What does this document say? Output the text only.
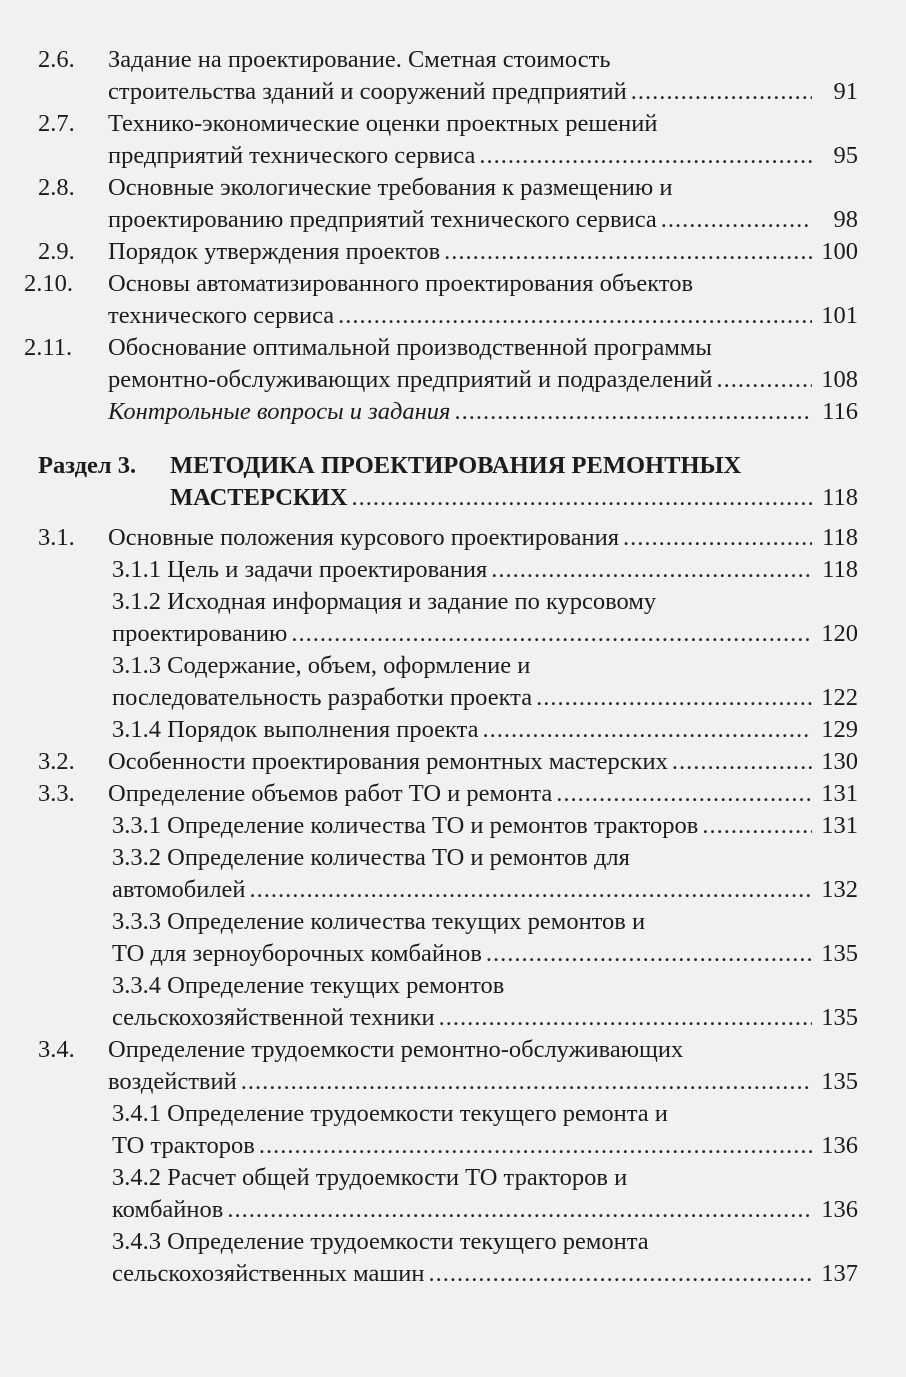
2.6. Задание на проектирование. Сметная стоимость
строительства зданий и сооружений предприятий .....	91
2.7. Технико-экономические оценки проектных решений
предприятий технического сервиса .....	95
2.8. Основные экологические требования к размещению и
проектированию предприятий технического сервиса .....	98
2.9. Порядок утверждения проектов .....	100
2.10. Основы автоматизированного проектирования объектов
технического сервиса .....	101
2.11. Обоснование оптимальной производственной программы
ремонтно-обслуживающих предприятий и подразделений .....	108
Контрольные вопросы и задания .....	116
Раздел 3. МЕТОДИКА ПРОЕКТИРОВАНИЯ РЕМОНТНЫХ
МАСТЕРСКИХ .....	118
3.1. Основные положения курсового проектирования .....	118
3.1.1 Цель и задачи проектирования .....	118
3.1.2 Исходная информация и задание по курсовому
проектированию .....	120
3.1.3 Содержание, объем, оформление и
последовательность разработки проекта .....	122
3.1.4 Порядок выполнения проекта .....	129
3.2. Особенности проектирования ремонтных мастерских .....	130
3.3. Определение объемов работ ТО и ремонта .....	131
3.3.1 Определение количества ТО и ремонтов тракторов .....	131
3.3.2 Определение количества ТО и ремонтов для
автомобилей .....	132
3.3.3 Определение количества текущих ремонтов и
ТО для зерноуборочных комбайнов .....	135
3.3.4 Определение текущих ремонтов
сельскохозяйственной техники .....	135
3.4. Определение трудоемкости ремонтно-обслуживающих
воздействий .....	135
3.4.1 Определение трудоемкости текущего ремонта и
ТО тракторов .....	136
3.4.2 Расчет общей трудоемкости ТО тракторов и
комбайнов .....	136
3.4.3 Определение трудоемкости текущего ремонта
сельскохозяйственных машин .....	137
